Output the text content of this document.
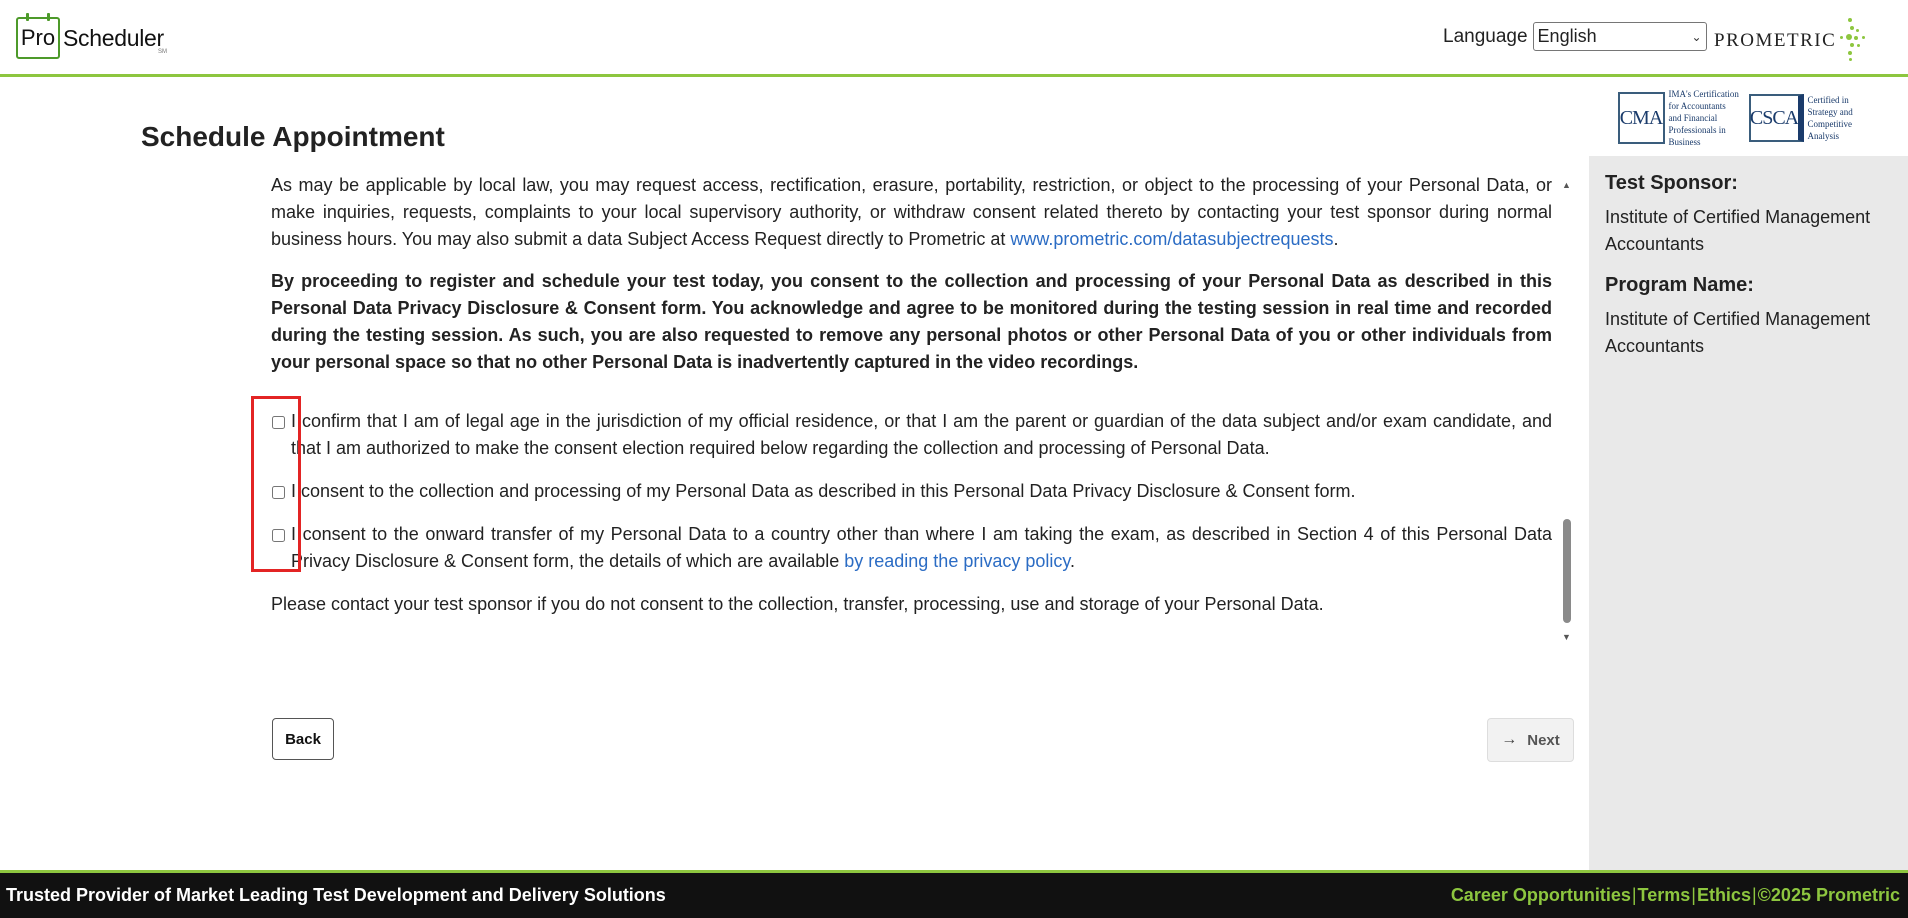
Pro Scheduler
SM
Language English	⌄ PROMETRIC
CMA
IMA's Certification for Accountants and Financial Professionals in Business
CSCA
Certified in Strategy and Competitive Analysis
Test Sponsor:
Institute of Certified Management Accountants
Program Name:
Institute of Certified Management Accountants
Schedule Appointment

As may be applicable by local law, you may request access, rectification, erasure, portability, restriction, or object to the processing of your Personal Data, or make inquiries, requests, complaints to your local supervisory authority, or withdraw consent related thereto by contacting your test sponsor during normal business hours. You may also submit a data Subject Access Request directly to Prometric at www.prometric.com/datasubjectrequests.

By proceeding to register and schedule your test today, you consent to the collection and processing of your Personal Data as described in this Personal Data Privacy Disclosure & Consent form. You acknowledge and agree to be monitored during the testing session in real time and recorded during the testing session. As such, you are also requested to remove any personal photos or other Personal Data of you or other individuals from your personal space so that no other Personal Data is inadvertently captured in the video recordings.

I confirm that I am of legal age in the jurisdiction of my official residence, or that I am the parent or guardian of the data subject and/or exam candidate, and that I am authorized to make the consent election required below regarding the collection and processing of Personal Data.
I consent to the collection and processing of my Personal Data as described in this Personal Data Privacy Disclosure & Consent form.
I consent to the onward transfer of my Personal Data to a country other than where I am taking the exam, as described in Section 4 of this Personal Data Privacy Disclosure & Consent form, the details of which are available by reading the privacy policy.

Please contact your test sponsor if you do not consent to the collection, transfer, processing, use and storage of your Personal Data.

▲
▼
Back	→ Next
Trusted Provider of Market Leading Test Development and Delivery Solutions	Career Opportunities | Terms | Ethics | ©2025 Prometric
